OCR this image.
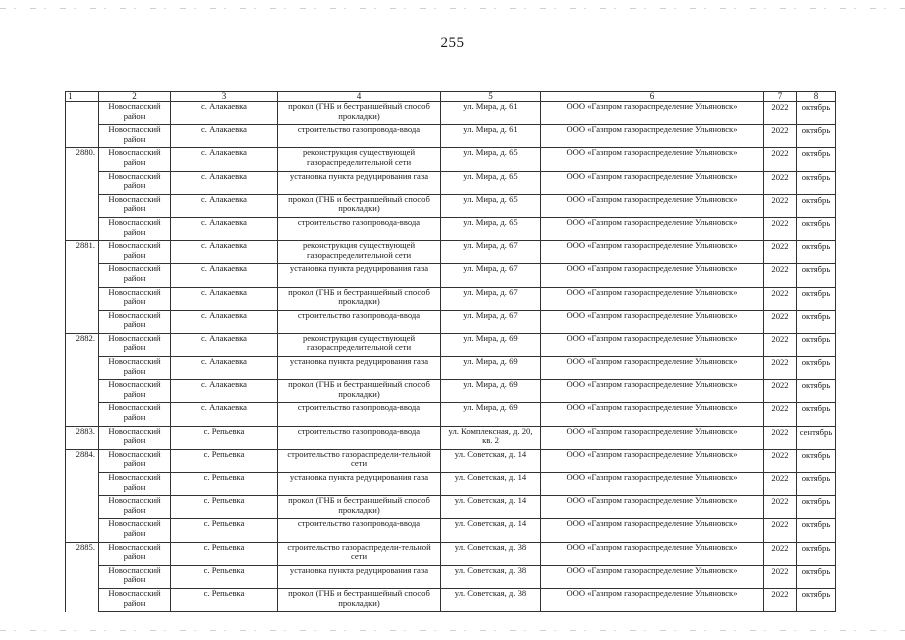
255
1	2	3	4	5	6	7	8
	Новоспасский район	с. Алакаевка	прокол (ГНБ и бестраншейный способ прокладки)	ул. Мира, д. 61	ООО «Газпром газораспределение Ульяновск»	2022	октябрь
	Новоспасский район	с. Алакаевка	строительство газопровода-ввода	ул. Мира, д. 61	ООО «Газпром газораспределение Ульяновск»	2022	октябрь
2880.	Новоспасский район	с. Алакаевка	реконструкция существующей газораспределительной сети	ул. Мира, д. 65	ООО «Газпром газораспределение Ульяновск»	2022	октябрь
	Новоспасский район	с. Алакаевка	установка пункта редуцирования газа	ул. Мира, д. 65	ООО «Газпром газораспределение Ульяновск»	2022	октябрь
	Новоспасский район	с. Алакаевка	прокол (ГНБ и бестраншейный способ прокладки)	ул. Мира, д. 65	ООО «Газпром газораспределение Ульяновск»	2022	октябрь
	Новоспасский район	с. Алакаевка	строительство газопровода-ввода	ул. Мира, д. 65	ООО «Газпром газораспределение Ульяновск»	2022	октябрь
2881.	Новоспасский район	с. Алакаевка	реконструкция существующей газораспределительной сети	ул. Мира, д. 67	ООО «Газпром газораспределение Ульяновск»	2022	октябрь
	Новоспасский район	с. Алакаевка	установка пункта редуцирования газа	ул. Мира, д. 67	ООО «Газпром газораспределение Ульяновск»	2022	октябрь
	Новоспасский район	с. Алакаевка	прокол (ГНБ и бестраншейный способ прокладки)	ул. Мира, д. 67	ООО «Газпром газораспределение Ульяновск»	2022	октябрь
	Новоспасский район	с. Алакаевка	строительство газопровода-ввода	ул. Мира, д. 67	ООО «Газпром газораспределение Ульяновск»	2022	октябрь
2882.	Новоспасский район	с. Алакаевка	реконструкция существующей газораспределительной сети	ул. Мира, д. 69	ООО «Газпром газораспределение Ульяновск»	2022	октябрь
	Новоспасский район	с. Алакаевка	установка пункта редуцирования газа	ул. Мира, д. 69	ООО «Газпром газораспределение Ульяновск»	2022	октябрь
	Новоспасский район	с. Алакаевка	прокол (ГНБ и бестраншейный способ прокладки)	ул. Мира, д. 69	ООО «Газпром газораспределение Ульяновск»	2022	октябрь
	Новоспасский район	с. Алакаевка	строительство газопровода-ввода	ул. Мира, д. 69	ООО «Газпром газораспределение Ульяновск»	2022	октябрь
2883.	Новоспасский район	с. Репьевка	строительство газопровода-ввода	ул. Комплексная, д. 20, кв. 2	ООО «Газпром газораспределение Ульяновск»	2022	сентябрь
2884.	Новоспасский район	с. Репьевка	строительство газораспредели-тельной сети	ул. Советская, д. 14	ООО «Газпром газораспределение Ульяновск»	2022	октябрь
	Новоспасский район	с. Репьевка	установка пункта редуцирования газа	ул. Советская, д. 14	ООО «Газпром газораспределение Ульяновск»	2022	октябрь
	Новоспасский район	с. Репьевка	прокол (ГНБ и бестраншейный способ прокладки)	ул. Советская, д. 14	ООО «Газпром газораспределение Ульяновск»	2022	октябрь
	Новоспасский район	с. Репьевка	строительство газопровода-ввода	ул. Советская, д. 14	ООО «Газпром газораспределение Ульяновск»	2022	октябрь
2885.	Новоспасский район	с. Репьевка	строительство газораспредели-тельной сети	ул. Советская, д. 38	ООО «Газпром газораспределение Ульяновск»	2022	октябрь
	Новоспасский район	с. Репьевка	установка пункта редуцирования газа	ул. Советская, д. 38	ООО «Газпром газораспределение Ульяновск»	2022	октябрь
	Новоспасский район	с. Репьевка	прокол (ГНБ и бестраншейный способ прокладки)	ул. Советская, д. 38	ООО «Газпром газораспределение Ульяновск»	2022	октябрь
